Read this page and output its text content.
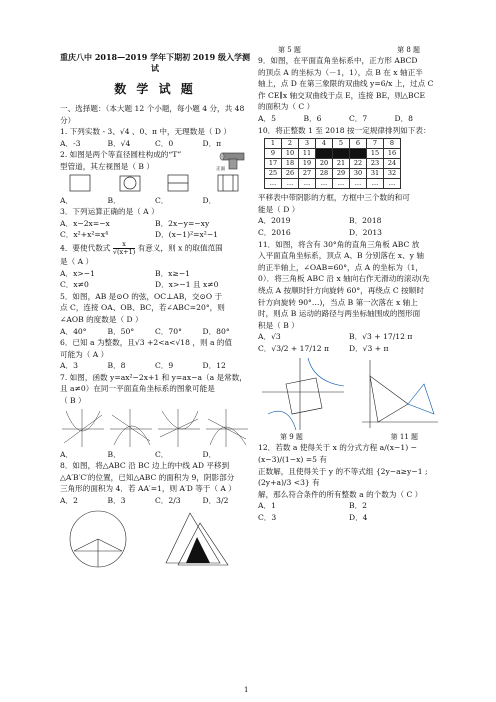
重庆八中 2018—2019 学年下期初 2019 级入学测试

数 学 试 题

一、选择题：（本大题 12 个小题，每小题 4 分，共 48 分）

1. 下列实数 - 3、√4 、0、π 中，无理数是（ D ）

A．-3	B．√4	C．0	D．π

2. 如图是两个等直径圆柱构成的“T”

型管道，其左视图是（ B ）	正面
A．	B．	C．	D．

3．下列运算正确的是（ A ）

A．x−2x=−x	B．2x−y=−xy
C．x²+x²=x⁴	D．(x−1)²=x²−1

4．要使代数式 $\frac{x}{√(x+1)}$ 有意义，则 x 的取值范围

是（ A ）

A．x>−1	B．x≥−1
C．x≠0	D．x>−1 且 x≠0

5．如图，AB 是⊙O 的弦，OC⊥AB，交⊙O 于

点 C，连接 OA、OB、BC，若∠ABC=20°，则

∠AOB 的度数是（ D ）

A．40°	B．50°	C．70°	D．80°

6．已知 a 为整数，且√3 +2<a<√18 ，则 a 的值

可能为（ A ）

A．3	B．8	C．9	D．12

7. 如图，函数 y=ax²−2x+1 和 y=ax−a（a 是常数，

且 a≠0）在同一平面直角坐标系的图象可能是

（ B ）

A．	B．	C．	D．

8．如图，将△ABC 沿 BC 边上的中线 AD 平移到

△A′B′C′的位置，已知△ABC 的面积为 9，阴影部分

三角形的面积为 4．若 AA′=1，则 A′D 等于（ A ）

A．2	B．3	C．2/3	D．3/2
第 5 题	第 8 题

9．如图，在平面直角坐标系中，正方形 ABCD

的顶点 A 的坐标为（－1，1），点 B 在 x 轴正半

轴上，点 D 在第三象限的双曲线 y=6/x 上，过点 C

作 CE∥x 轴交双曲线于点 E，连接 BE，则△BCE

的面积为（ C ）

A．5	B．6	C．7	D．8

10．将正整数 1 至 2018 按一定规律排列如下表：

1	2	3	4	5	6	7	8
9	10	11				15	16
17	18	19	20	21	22	23	24
25	26	27	28	29	30	31	32
…	…	…	…	…	…	…	…

平移表中带阴影的方框，方框中三个数的和可

能是（ D ）

A．2019	B．2018
C．2016	D．2013

11．如图，将含有 30°角的直角三角板 ABC 放

入平面直角坐标系，顶点 A、B 分别落在 x、y 轴

的正半轴上，∠OAB=60°，点 A 的坐标为（1，

0）．将三角板 ABC 沿 x 轴向右作无滑动的滚动(先

绕点 A 按顺时针方向旋转 60°，再绕点 C 按顺时

针方向旋转 90°…)，当点 B 第一次落在 x 轴上

时，则点 B 运动的路径与两坐标轴围成的图形面

积是（ B ）

A．√3	B．√3 + 17/12 π
C．√3/2 + 17/12 π	D．√3 + π
第 9 题	第 11 题

12．若数 a 使得关于 x 的分式方程 a/(x−1) − (x−3)/(1−x) =5 有

正数解，且使得关于 y 的不等式组 {2y−a≥y−1 ; (2y+a)/3 <3} 有

解，那么符合条件的所有整数 a 的个数为（ C ）

A．1	B．2
C．3	D．4
1
